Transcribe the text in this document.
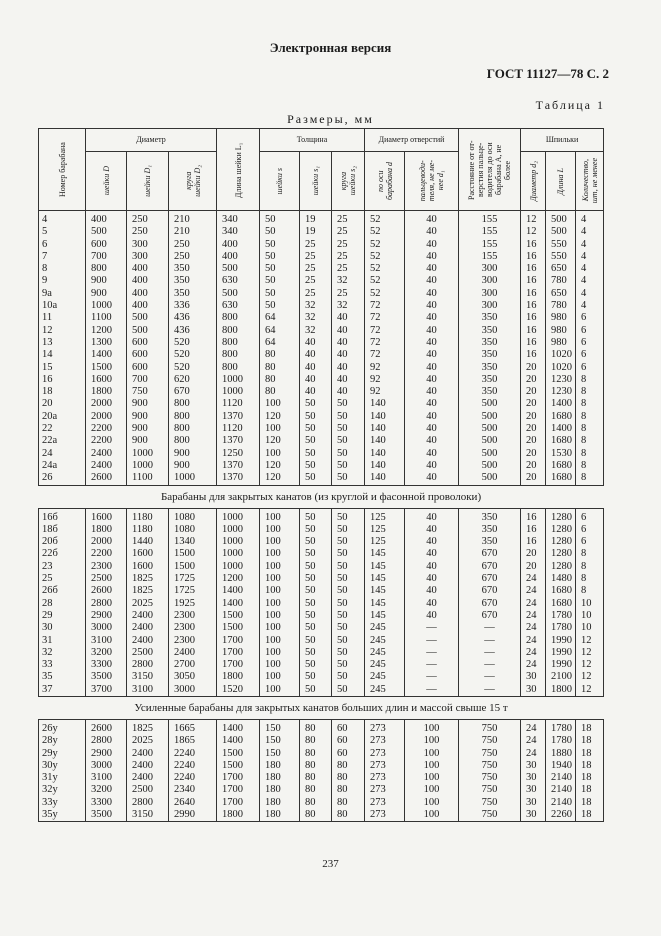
Электронная версия
ГОСТ 11127—78 С. 2
Таблица 1
Размеры, мм
Номер барабана	Диаметр			Длина шейки L₁	Толщина			Диаметр отверстий		Расстояние от от-
верстия пальце-
водителя до оси
барабана A, не
более	Шпильки		

	шейки D	шейки D₁	круга
шейки D₂		шейки s	шейки s₁	круга
шейки s₂	по оси
барабана d	пальцеводи-
теля, не ме-
нее d₁		Диаметр d₂	Длина L	Количество,
шт, не менее

4	400	250	210	340	50	19	25	52	40	155	12	500	4
5	500	250	210	340	50	19	25	52	40	155	12	500	4
6	600	300	250	400	50	25	25	52	40	155	16	550	4
7	700	300	250	400	50	25	25	52	40	155	16	550	4
8	800	400	350	500	50	25	25	52	40	300	16	650	4
9	900	400	350	630	50	25	32	52	40	300	16	780	4
9a	900	400	350	500	50	25	25	52	40	300	16	650	4
10a	1000	400	336	630	50	32	32	72	40	300	16	780	4
11	1100	500	436	800	64	32	40	72	40	350	16	980	6
12	1200	500	436	800	64	32	40	72	40	350	16	980	6
13	1300	600	520	800	64	40	40	72	40	350	16	980	6
14	1400	600	520	800	80	40	40	72	40	350	16	1020	6
15	1500	600	520	800	80	40	40	92	40	350	20	1020	6
16	1600	700	620	1000	80	40	40	92	40	350	20	1230	8
18	1800	750	670	1000	80	40	40	92	40	350	20	1230	8
20	2000	900	800	1120	100	50	50	140	40	500	20	1400	8
20a	2000	900	800	1370	120	50	50	140	40	500	20	1680	8
22	2200	900	800	1120	100	50	50	140	40	500	20	1400	8
22a	2200	900	800	1370	120	50	50	140	40	500	20	1680	8
24	2400	1000	900	1250	100	50	50	140	40	500	20	1530	8
24a	2400	1000	900	1370	120	50	50	140	40	500	20	1680	8
26	2600	1100	1000	1370	120	50	50	140	40	500	20	1680	8
Барабаны для закрытых канатов (из круглой и фасонной проволоки)													

16б	1600	1180	1080	1000	100	50	50	125	40	350	16	1280	6
18б	1800	1180	1080	1000	100	50	50	125	40	350	16	1280	6
20б	2000	1440	1340	1000	100	50	50	125	40	350	16	1280	6
22б	2200	1600	1500	1000	100	50	50	145	40	670	20	1280	8
23	2300	1600	1500	1000	100	50	50	145	40	670	20	1280	8
25	2500	1825	1725	1200	100	50	50	145	40	670	24	1480	8
26б	2600	1825	1725	1400	100	50	50	145	40	670	24	1680	8
28	2800	2025	1925	1400	100	50	50	145	40	670	24	1680	10
29	2900	2400	2300	1500	100	50	50	145	40	670	24	1780	10
30	3000	2400	2300	1500	100	50	50	245	—	—	24	1780	10
31	3100	2400	2300	1700	100	50	50	245	—	—	24	1990	12
32	3200	2500	2400	1700	100	50	50	245	—	—	24	1990	12
33	3300	2800	2700	1700	100	50	50	245	—	—	24	1990	12
35	3500	3150	3050	1800	100	50	50	245	—	—	30	2100	12
37	3700	3100	3000	1520	100	50	50	245	—	—	30	1800	12
Усиленные барабаны для закрытых канатов больших длин и массой свыше 15 т													

26у	2600	1825	1665	1400	150	80	60	273	100	750	24	1780	18
28у	2800	2025	1865	1400	150	80	60	273	100	750	24	1780	18
29у	2900	2400	2240	1500	150	80	60	273	100	750	24	1880	18
30у	3000	2400	2240	1500	180	80	80	273	100	750	30	1940	18
31у	3100	2400	2240	1700	180	80	80	273	100	750	30	2140	18
32у	3200	2500	2340	1700	180	80	80	273	100	750	30	2140	18
33у	3300	2800	2640	1700	180	80	80	273	100	750	30	2140	18
35у	3500	3150	2990	1800	180	80	80	273	100	750	30	2260	18
237
